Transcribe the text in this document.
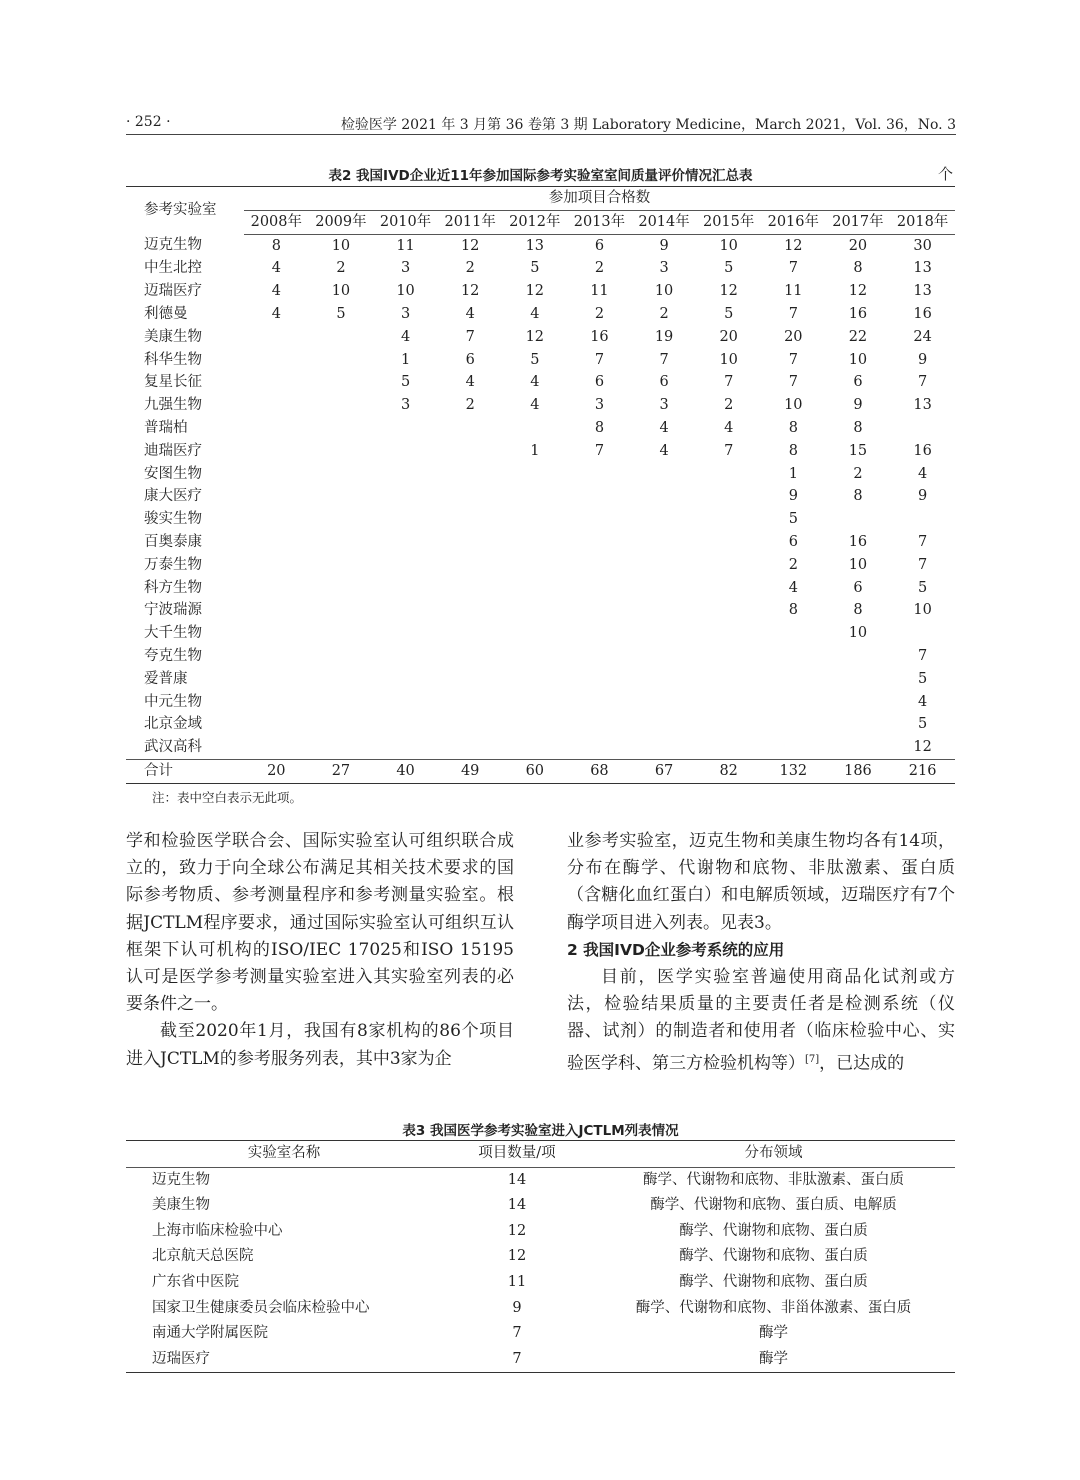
· 252 ·	检验医学 2021 年 3 月第 36 卷第 3 期 Laboratory Medicine，March 2021，Vol. 36，No. 3
表2 我国IVD企业近11年参加国际参考实验室室间质量评价情况汇总表	个
参考实验室	参加项目合格数										
	2008年	2009年	2010年	2011年	2012年	2013年	2014年	2015年	2016年	2017年	2018年
迈克生物	8	10	11	12	13	6	9	10	12	20	30
中生北控	4	2	3	2	5	2	3	5	7	8	13
迈瑞医疗	4	10	10	12	12	11	10	12	11	12	13
利德曼	4	5	3	4	4	2	2	5	7	16	16
美康生物			4	7	12	16	19	20	20	22	24
科华生物			1	6	5	7	7	10	7	10	9
复星长征			5	4	4	6	6	7	7	6	7
九强生物			3	2	4	3	3	2	10	9	13
普瑞柏						8	4	4	8	8	
迪瑞医疗					1	7	4	7	8	15	16
安图生物									1	2	4
康大医疗									9	8	9
骏实生物									5		
百奥泰康									6	16	7
万泰生物									2	10	7
科方生物									4	6	5
宁波瑞源									8	8	10
大千生物										10	
夸克生物											7
爱普康											5
中元生物											4
北京金域											5
武汉高科											12
合计	20	27	40	49	60	68	67	82	132	186	216
注：表中空白表示无此项。

学和检验医学联合会、国际实验室认可组织联合成立的，致力于向全球公布满足其相关技术要求的国际参考物质、参考测量程序和参考测量实验室。根据JCTLM程序要求，通过国际实验室认可组织互认框架下认可机构的ISO/IEC 17025和ISO 15195认可是医学参考测量实验室进入其实验室列表的必要条件之一。

截至2020年1月，我国有8家机构的86个项目进入JCTLM的参考服务列表，其中3家为企

业参考实验室，迈克生物和美康生物均各有14项，分布在酶学、代谢物和底物、非肽激素、蛋白质（含糖化血红蛋白）和电解质领域，迈瑞医疗有7个酶学项目进入列表。见表3。

2 我国IVD企业参考系统的应用

目前，医学实验室普遍使用商品化试剂或方法，检验结果质量的主要责任者是检测系统（仪器、试剂）的制造者和使用者（临床检验中心、实验医学科、第三方检验机构等）[7]，已达成的

表3 我国医学参考实验室进入JCTLM列表情况
实验室名称	项目数量/项	分布领域
迈克生物	14	酶学、代谢物和底物、非肽激素、蛋白质
美康生物	14	酶学、代谢物和底物、蛋白质、电解质
上海市临床检验中心	12	酶学、代谢物和底物、蛋白质
北京航天总医院	12	酶学、代谢物和底物、蛋白质
广东省中医院	11	酶学、代谢物和底物、蛋白质
国家卫生健康委员会临床检验中心	9	酶学、代谢物和底物、非甾体激素、蛋白质
南通大学附属医院	7	酶学
迈瑞医疗	7	酶学
